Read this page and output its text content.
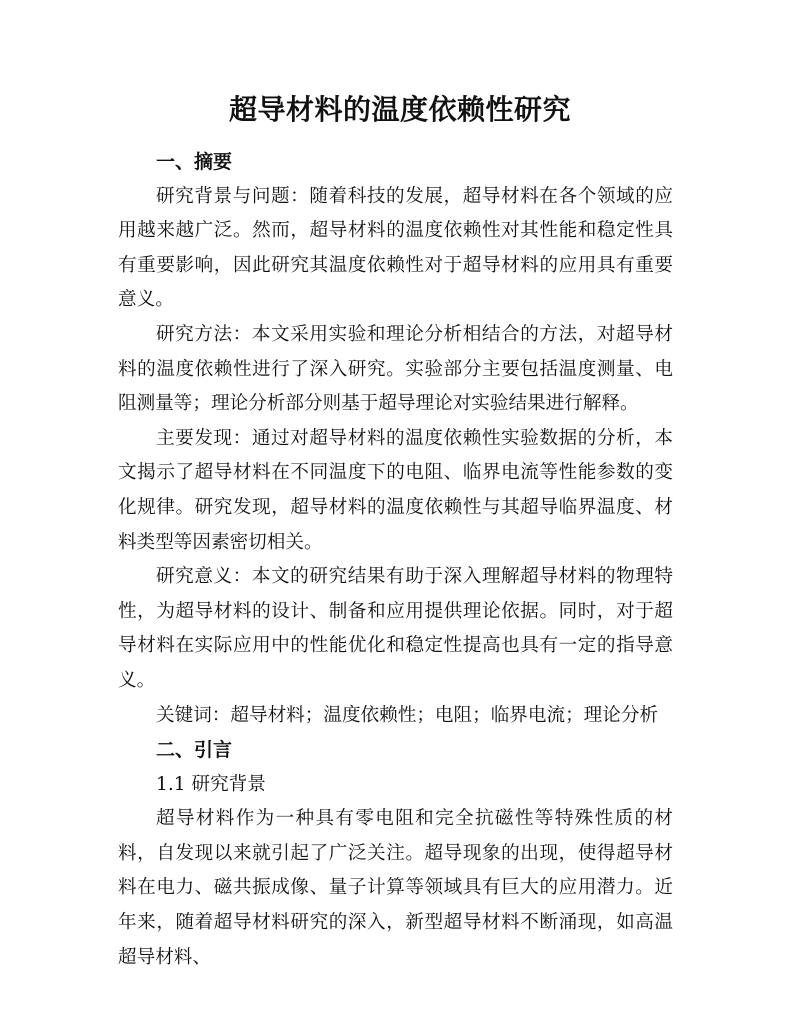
超导材料的温度依赖性研究

一、摘要

研究背景与问题：随着科技的发展，超导材料在各个领域的应用越来越广泛。然而，超导材料的温度依赖性对其性能和稳定性具有重要影响，因此研究其温度依赖性对于超导材料的应用具有重要意义。

研究方法：本文采用实验和理论分析相结合的方法，对超导材料的温度依赖性进行了深入研究。实验部分主要包括温度测量、电阻测量等；理论分析部分则基于超导理论对实验结果进行解释。

主要发现：通过对超导材料的温度依赖性实验数据的分析，本文揭示了超导材料在不同温度下的电阻、临界电流等性能参数的变化规律。研究发现，超导材料的温度依赖性与其超导临界温度、材料类型等因素密切相关。

研究意义：本文的研究结果有助于深入理解超导材料的物理特性，为超导材料的设计、制备和应用提供理论依据。同时，对于超导材料在实际应用中的性能优化和稳定性提高也具有一定的指导意义。

关键词：超导材料；温度依赖性；电阻；临界电流；理论分析

二、引言

1.1 研究背景

超导材料作为一种具有零电阻和完全抗磁性等特殊性质的材料，自发现以来就引起了广泛关注。超导现象的出现，使得超导材料在电力、磁共振成像、量子计算等领域具有巨大的应用潜力。近年来，随着超导材料研究的深入，新型超导材料不断涌现，如高温超导材料、
